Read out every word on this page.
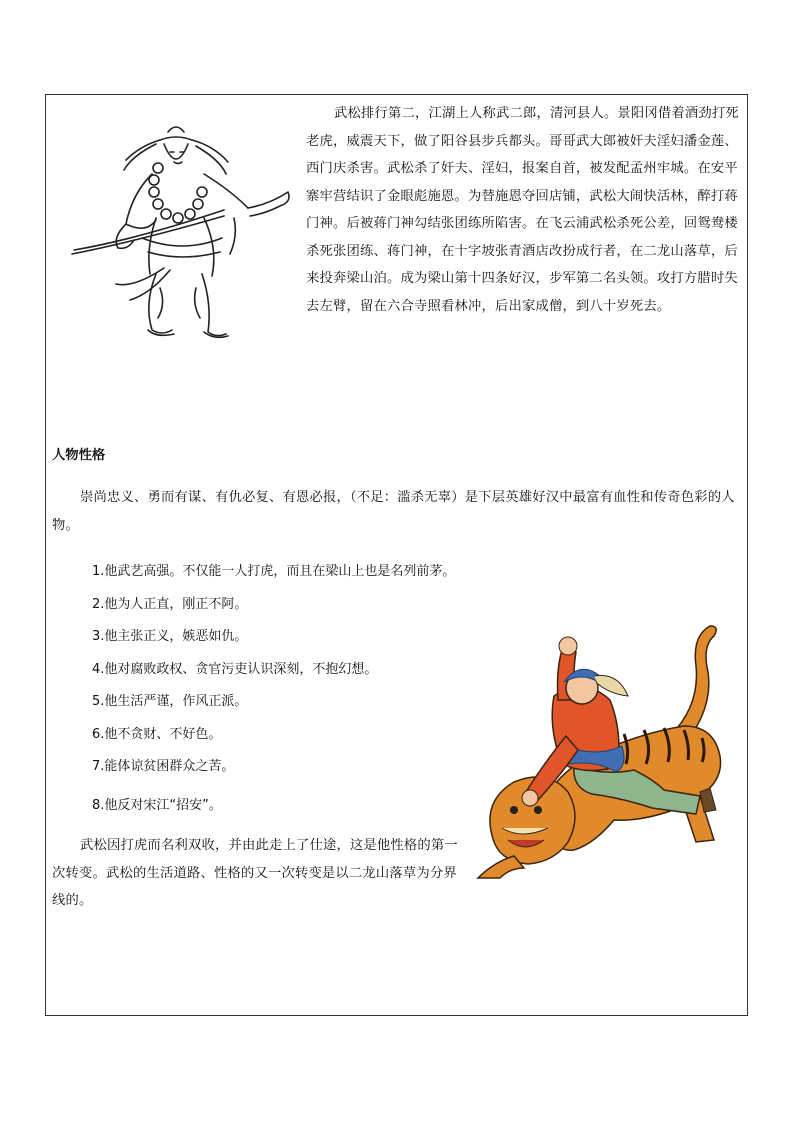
武松排行第二，江湖上人称武二郎，清河县人。景阳冈借着酒劲打死老虎，威震天下，做了阳谷县步兵都头。哥哥武大郎被奸夫淫妇潘金莲、西门庆杀害。武松杀了奸夫、淫妇，报案自首，被发配孟州牢城。在安平寨牢营结识了金眼彪施恩。为替施恩夺回店铺，武松大闹快活林，醉打蒋门神。后被蒋门神勾结张团练所陷害。在飞云浦武松杀死公差，回鸳鸯楼杀死张团练、蒋门神，在十字坡张青酒店改扮成行者，在二龙山落草，后来投奔梁山泊。成为梁山第十四条好汉，步军第二名头领。攻打方腊时失去左臂，留在六合寺照看林冲，后出家成僧，到八十岁死去。

人物性格

崇尚忠义、勇而有谋、有仇必复、有恩必报，（不足：滥杀无辜）是下层英雄好汉中最富有血性和传奇色彩的人物。

1.他武艺高强。不仅能一人打虎，而且在梁山上也是名列前茅。
2.他为人正直，刚正不阿。
3.他主张正义，嫉恶如仇。
4.他对腐败政权、贪官污吏认识深刻，不抱幻想。
5.他生活严谨，作风正派。
6.他不贪财、不好色。
7.能体谅贫困群众之苦。
8.他反对宋江“招安”。

武松因打虎而名利双收，并由此走上了仕途，这是他性格的第一次转变。武松的生活道路、性格的又一次转变是以二龙山落草为分界线的。
